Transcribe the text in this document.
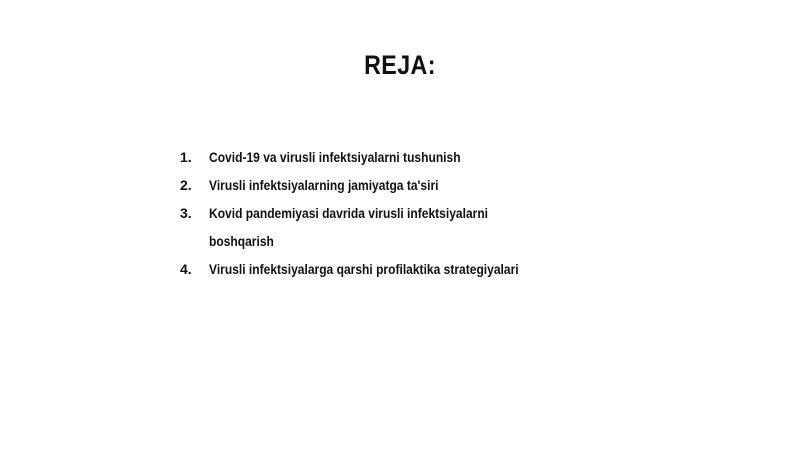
REJA:
1. Covid-19 va virusli infektsiyalarni tushunish
2. Virusli infektsiyalarning jamiyatga ta'siri
3. Kovid pandemiyasi davrida virusli infektsiyalarni boshqarish
4. Virusli infektsiyalarga qarshi profilaktika strategiyalari
